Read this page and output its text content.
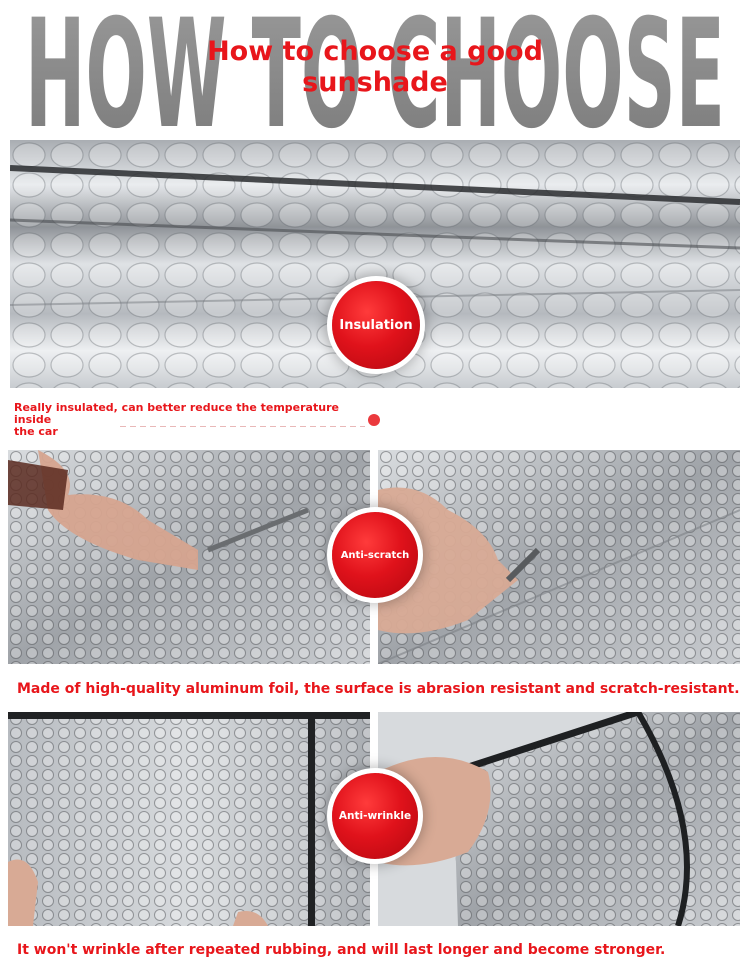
HOW TO CHOOSE
How to choose a good
sunshade
Insulation
Really insulated, can better reduce the temperature inside
the car
Anti-scratch
Made of high-quality aluminum foil, the surface is abrasion resistant and scratch-resistant.
Anti-wrinkle
It won't wrinkle after repeated rubbing, and will last longer and become stronger.
